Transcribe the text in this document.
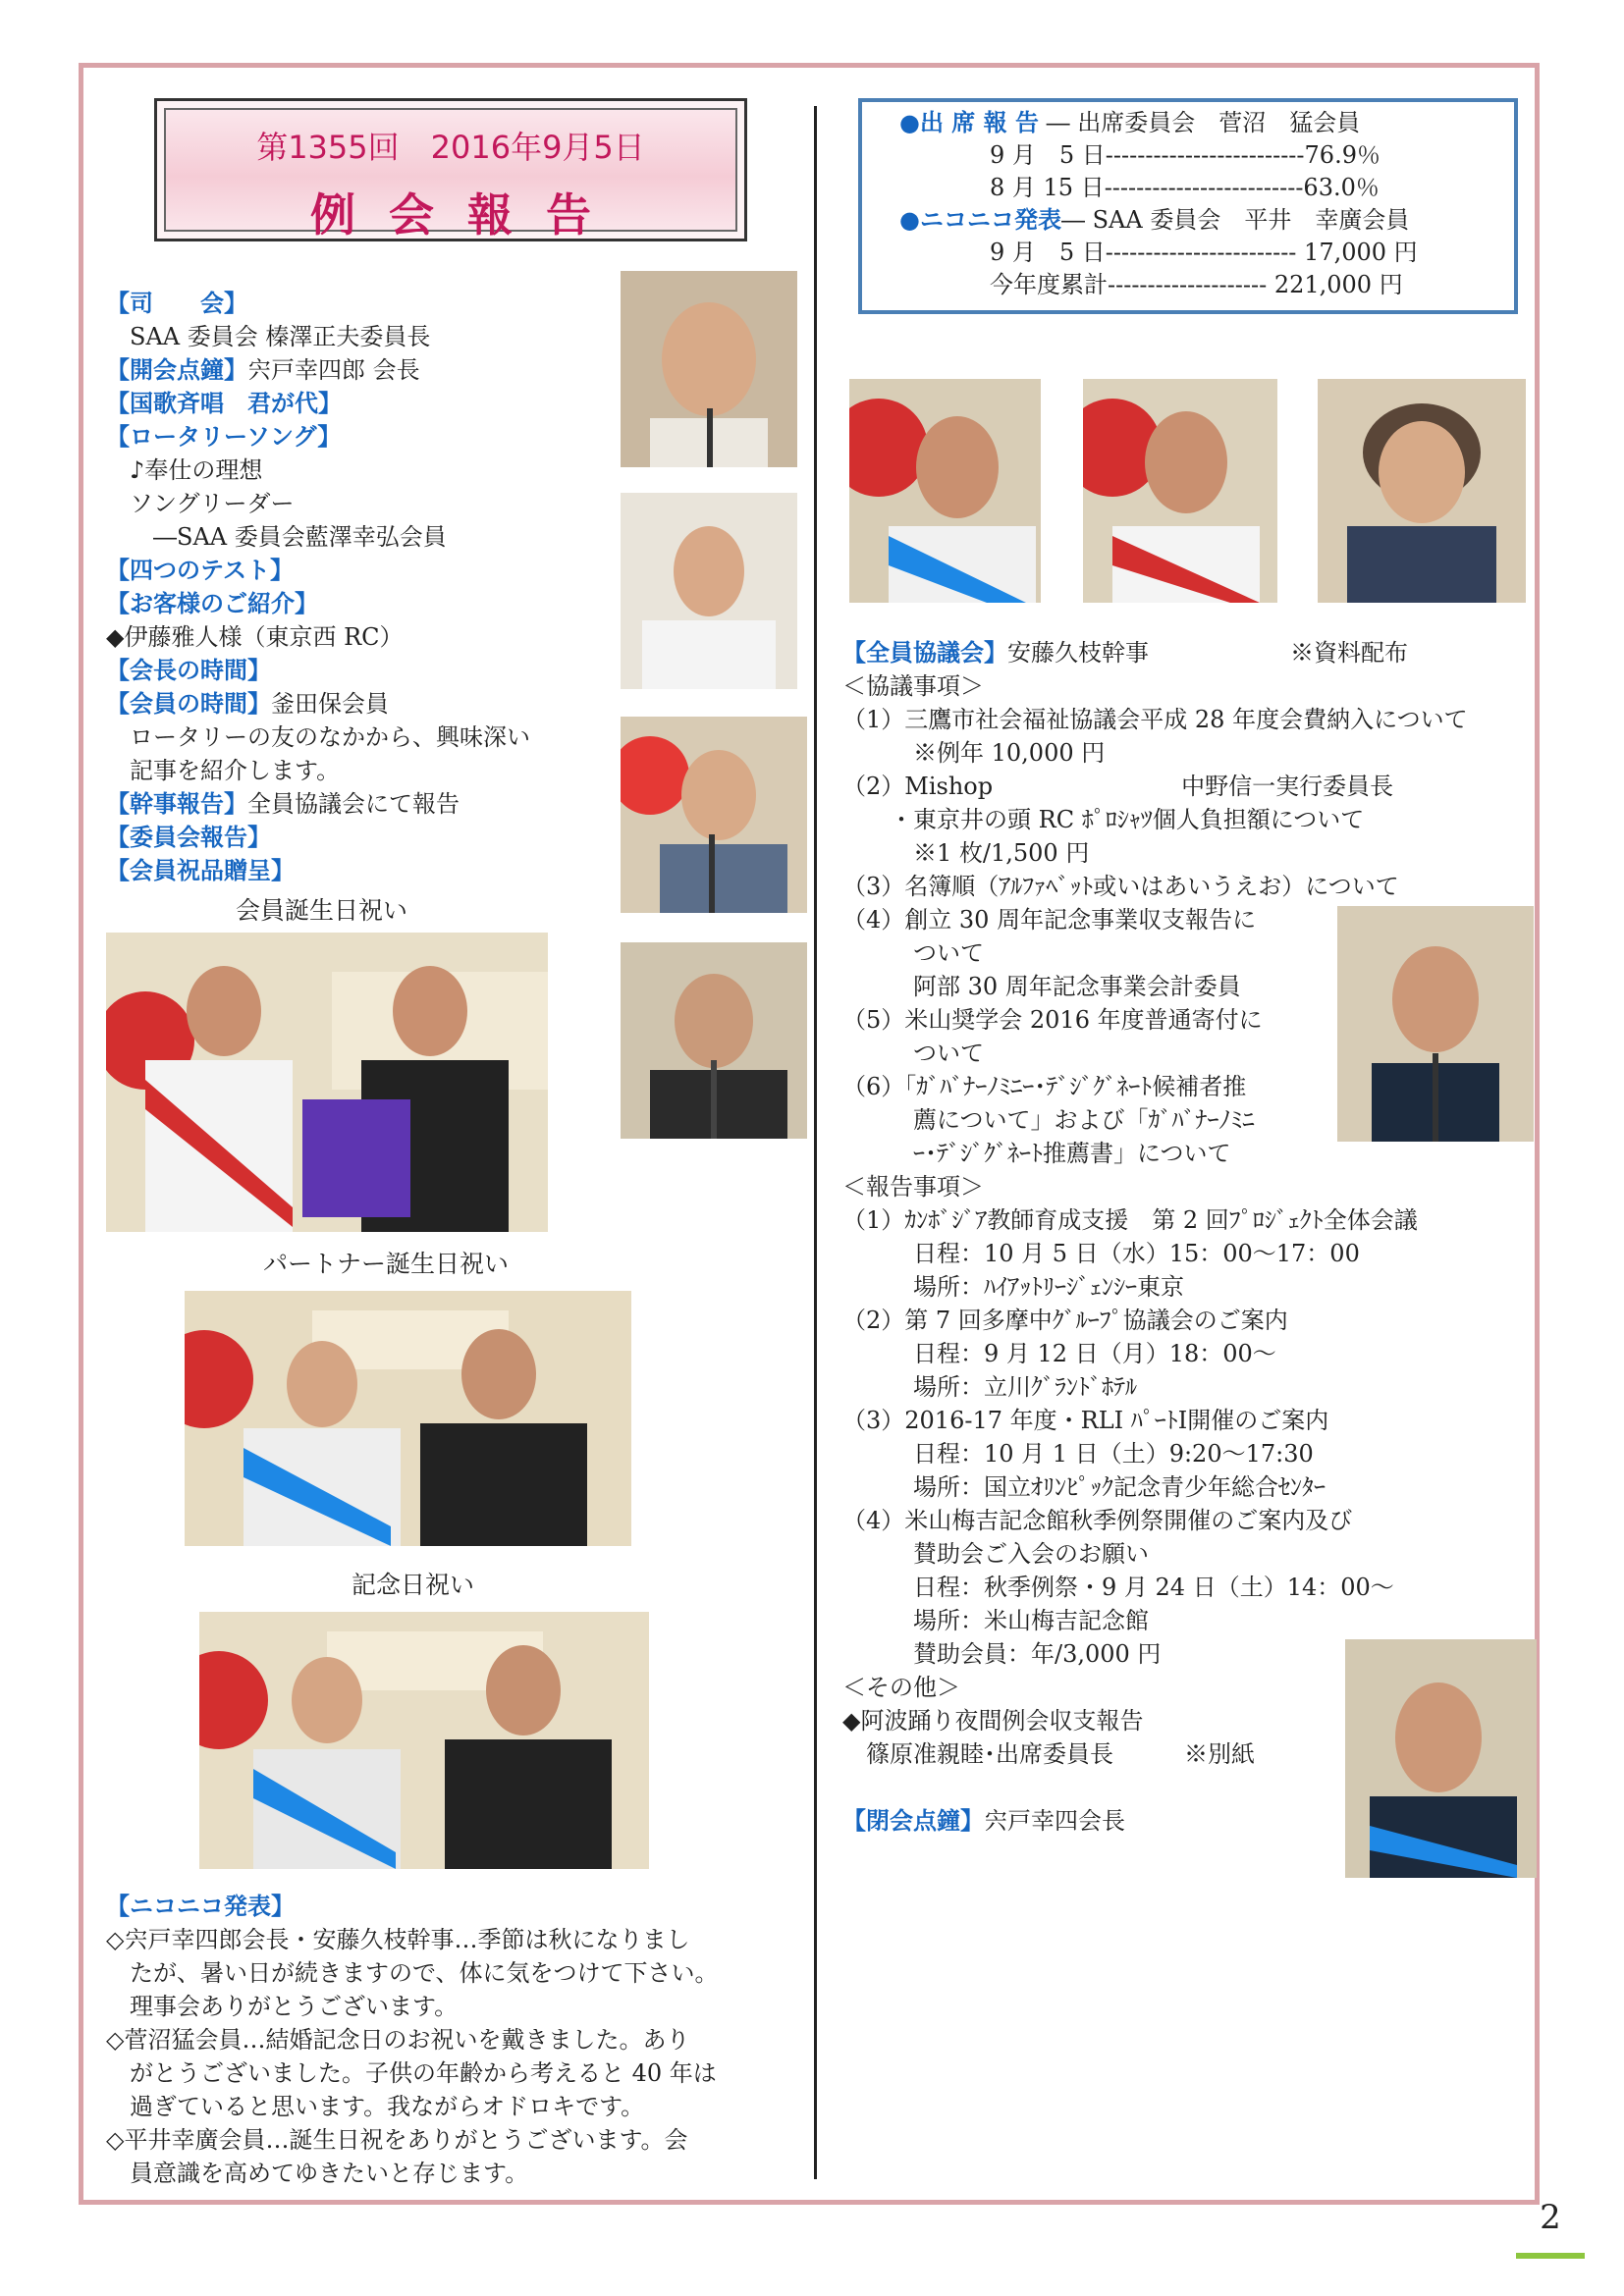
第1355回　2016年9月5日
例会報告
●出 席 報 告 ― 出席委員会　菅沼　猛会員
9 月　5 日-------------------------76.9％
8 月 15 日-------------------------63.0％
●ニコニコ発表― SAA 委員会　平井　幸廣会員
9 月　5 日------------------------ 17,000 円
今年度累計-------------------- 221,000 円
【司　　会】
　SAA 委員会 榛澤正夫委員長
【開会点鐘】宍戸幸四郎 会長
【国歌斉唱　君が代】
【ロータリーソング】
　♪奉仕の理想
　ソングリーダー
　　―SAA 委員会藍澤幸弘会員
【四つのテスト】
【お客様のご紹介】
◆伊藤雅人様（東京西 RC）
【会長の時間】
【会員の時間】釜田保会員
　ロータリーの友のなかから、興味深い
　記事を紹介します。
【幹事報告】全員協議会にて報告
【委員会報告】
【会員祝品贈呈】
会員誕生日祝い
パートナー誕生日祝い
記念日祝い
【ニコニコ発表】
◇宍戸幸四郎会長・安藤久枝幹事…季節は秋になりまし
　たが、暑い日が続きますので、体に気をつけて下さい。
　理事会ありがとうございます。
◇菅沼猛会員…結婚記念日のお祝いを戴きました。あり
　がとうございました。子供の年齢から考えると 40 年は
　過ぎていると思います。我ながらオドロキです。
◇平井幸廣会員…誕生日祝をありがとうございます。会
　員意識を高めてゆきたいと存じます。
【全員協議会】安藤久枝幹事　　　　　　※資料配布
＜協議事項＞
（1）三鷹市社会福祉協議会平成 28 年度会費納入について
　　　※例年 10,000 円
（2）Mishop　　　　　　　　中野信一実行委員長
　　・東京井の頭 RC ﾎﾟﾛｼｬﾂ個人負担額について
　　　※1 枚/1,500 円
（3）名簿順（ｱﾙﾌｧﾍﾞｯﾄ或いはあいうえお）について
（4）創立 30 周年記念事業収支報告に
　　　ついて
　　　阿部 30 周年記念事業会計委員
（5）米山奨学会 2016 年度普通寄付に
　　　ついて
（6）「ｶﾞﾊﾞﾅｰﾉﾐﾆｰ･ﾃﾞｼﾞｸﾞﾈｰﾄ候補者推
　　　薦について」および「ｶﾞﾊﾞﾅｰﾉﾐﾆ
　　　ｰ･ﾃﾞｼﾞｸﾞﾈｰﾄ推薦書」について
＜報告事項＞
（1）ｶﾝﾎﾞｼﾞｱ教師育成支援　第 2 回ﾌﾟﾛｼﾞｪｸﾄ全体会議
　　　日程：10 月 5 日（水）15：00〜17：00
　　　場所：ﾊｲｱｯﾄﾘｰｼﾞｪﾝｼｰ東京
（2）第 7 回多摩中ｸﾞﾙｰﾌﾟ協議会のご案内
　　　日程：9 月 12 日（月）18：00〜
　　　場所：立川ｸﾞﾗﾝﾄﾞﾎﾃﾙ
（3）2016-17 年度・RLI ﾊﾟｰﾄⅠ開催のご案内
　　　日程：10 月 1 日（土）9:20〜17:30
　　　場所：国立ｵﾘﾝﾋﾟｯｸ記念青少年総合ｾﾝﾀｰ
（4）米山梅吉記念館秋季例祭開催のご案内及び
　　　賛助会ご入会のお願い
　　　日程：秋季例祭・9 月 24 日（土）14：00〜
　　　場所：米山梅吉記念館
　　　賛助会員：年/3,000 円
＜その他＞
◆阿波踊り夜間例会収支報告
　篠原准親睦･出席委員長　　　※別紙
【閉会点鐘】宍戸幸四会長
2
